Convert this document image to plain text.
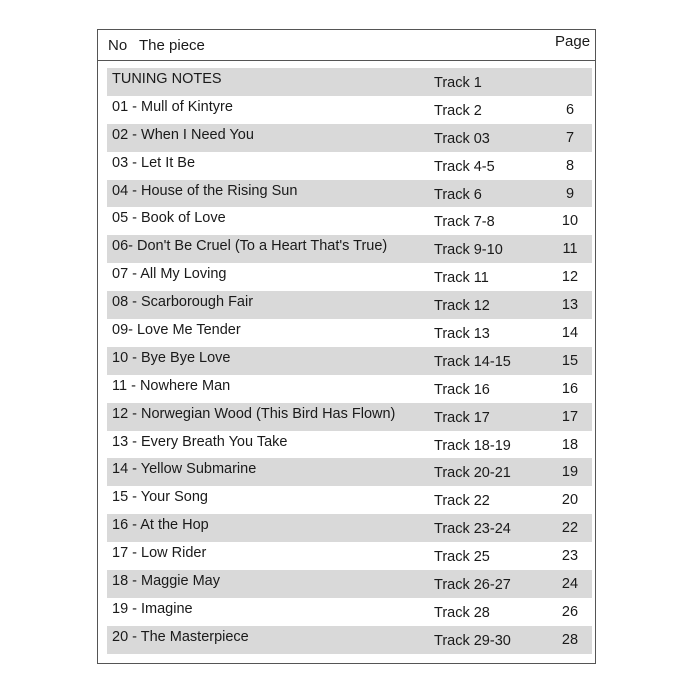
No The piece	Page
TUNING NOTES	Track 1
01 - Mull of Kintyre	Track 2	6
02 - When I Need You	Track 03	7
03 - Let It Be	Track 4-5	8
04 - House of the Rising Sun	Track 6	9
05 - Book of Love	Track 7-8	10
06- Don't Be Cruel (To a Heart That's True)	Track 9-10	11
07 - All My Loving	Track 11	12
08 - Scarborough Fair	Track 12	13
09- Love Me Tender	Track 13	14
10 - Bye Bye Love	Track 14-15	15
11 - Nowhere Man	Track 16	16
12 - Norwegian Wood (This Bird Has Flown)	Track 17	17
13 - Every Breath You Take	Track 18-19	18
14 - Yellow Submarine	Track 20-21	19
15 - Your Song	Track 22	20
16 - At the Hop	Track 23-24	22
17 - Low Rider	Track 25	23
18 - Maggie May	Track 26-27	24
19 - Imagine	Track 28	26
20 - The Masterpiece	Track 29-30	28
